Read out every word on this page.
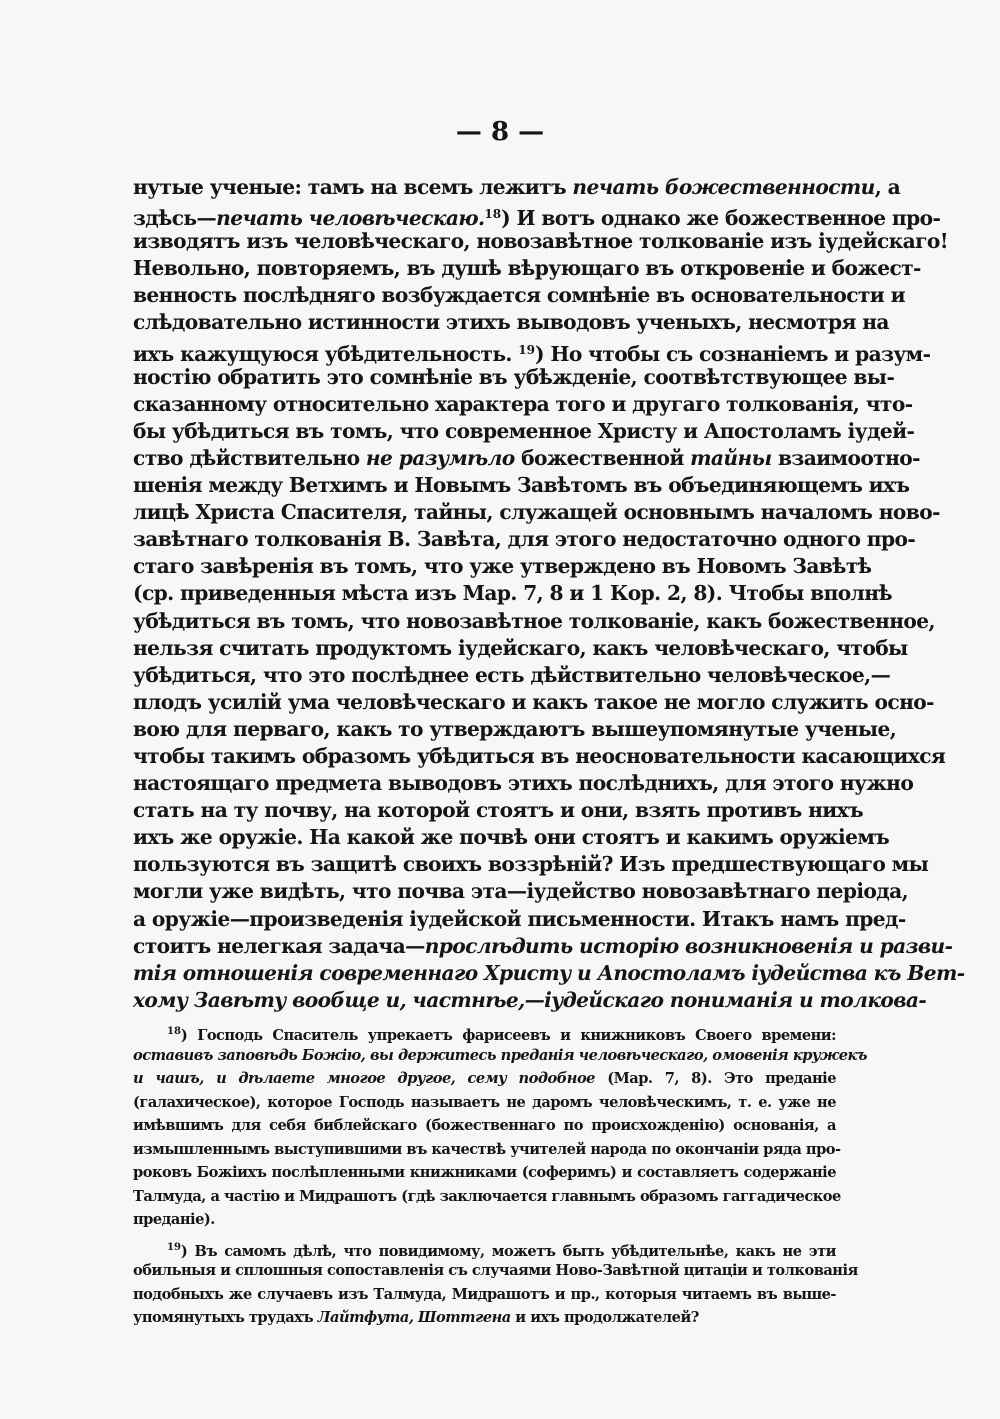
— 8 —
нутые ученые: тамъ на всемъ лежитъ печать божественности, а
здѣсь—печать человѣческаю.$^{18}$) И вотъ однако же божественное про-
изводятъ изъ человѣческаго, новозавѣтное толкованіе изъ іудейскаго!
Невольно, повторяемъ, въ душѣ вѣрующаго въ откровеніе и божест-
венность послѣдняго возбуждается сомнѣніе въ основательности и
слѣдовательно истинности этихъ выводовъ ученыхъ, несмотря на
ихъ кажущуюся убѣдительность. $^{19}$) Но чтобы съ сознаніемъ и разум-
ностію обратить это сомнѣніе въ убѣжденіе, соотвѣтствующее вы-
сказанному относительно характера того и другаго толкованія, что-
бы убѣдиться въ томъ, что современное Христу и Апостоламъ іудей-
ство дѣйствительно не разумѣло божественной тайны взаимоотно-
шенія между Ветхимъ и Новымъ Завѣтомъ въ объединяющемъ ихъ
лицѣ Христа Спасителя, тайны, служащей основнымъ началомъ ново-
завѣтнаго толкованія В. Завѣта, для этого недостаточно одного про-
стаго завѣренія въ томъ, что уже утверждено въ Новомъ Завѣтѣ
(ср. приведенныя мѣста изъ Мар. 7, 8 и 1 Кор. 2, 8). Чтобы вполнѣ
убѣдиться въ томъ, что новозавѣтное толкованіе, какъ божественное,
нельзя считать продуктомъ іудейскаго, какъ человѣческаго, чтобы
убѣдиться, что это послѣднее есть дѣйствительно человѣческое,—
плодъ усилій ума человѣческаго и какъ такое не могло служить осно-
вою для перваго, какъ то утверждаютъ вышеупомянутые ученые,
чтобы такимъ образомъ убѣдиться въ неосновательности касающихся
настоящаго предмета выводовъ этихъ послѣднихъ, для этого нужно
стать на ту почву, на которой стоятъ и они, взять противъ нихъ
ихъ же оружіе. На какой же почвѣ они стоятъ и какимъ оружіемъ
пользуются въ защитѣ своихъ воззрѣній? Изъ предшествующаго мы
могли уже видѣть, что почва эта—іудейство новозавѣтнаго періода,
а оружіе—произведенія іудейской письменности. Итакъ намъ пред-
стоитъ нелегкая задача—прослѣдить исторію возникновенія и разви-
тія отношенія современнаго Христу и Апостоламъ іудейства къ Вет-
хому Завѣту вообще и, частнѣе,—іудейскаго пониманія и толкова-
$^{18}$) Господь Спаситель упрекаетъ фарисеевъ и книжниковъ Своего времени:
оставивъ заповѣдь Божію, вы держитесь преданія человѣческаго, омовенія кружекъ
и чашъ, и дѣлаете многое другое, сему подобное (Мар. 7, 8). Это преданіе
(галахическое), которое Господь называетъ не даромъ человѣческимъ, т. е. уже не
имѣвшимъ для себя библейскаго (божественнаго по происхожденію) основанія, а
измышленнымъ выступившими въ качествѣ учителей народа по окончаніи ряда про-
роковъ Божіихъ послѣпленными книжниками (соферимъ) и составляетъ содержаніе
Талмуда, а частію и Мидрашотъ (гдѣ заключается главнымъ образомъ гаггадическое
преданіе).
$^{19}$) Въ самомъ дѣлѣ, что повидимому, можетъ быть убѣдительнѣе, какъ не эти
обильныя и сплошныя сопоставленія съ случаями Ново-Завѣтной цитаціи и толкованія
подобныхъ же случаевъ изъ Талмуда, Мидрашотъ и пр., которыя читаемъ въ выше-
упомянутыхъ трудахъ Лайтфута, Шоттгена и ихъ продолжателей?
